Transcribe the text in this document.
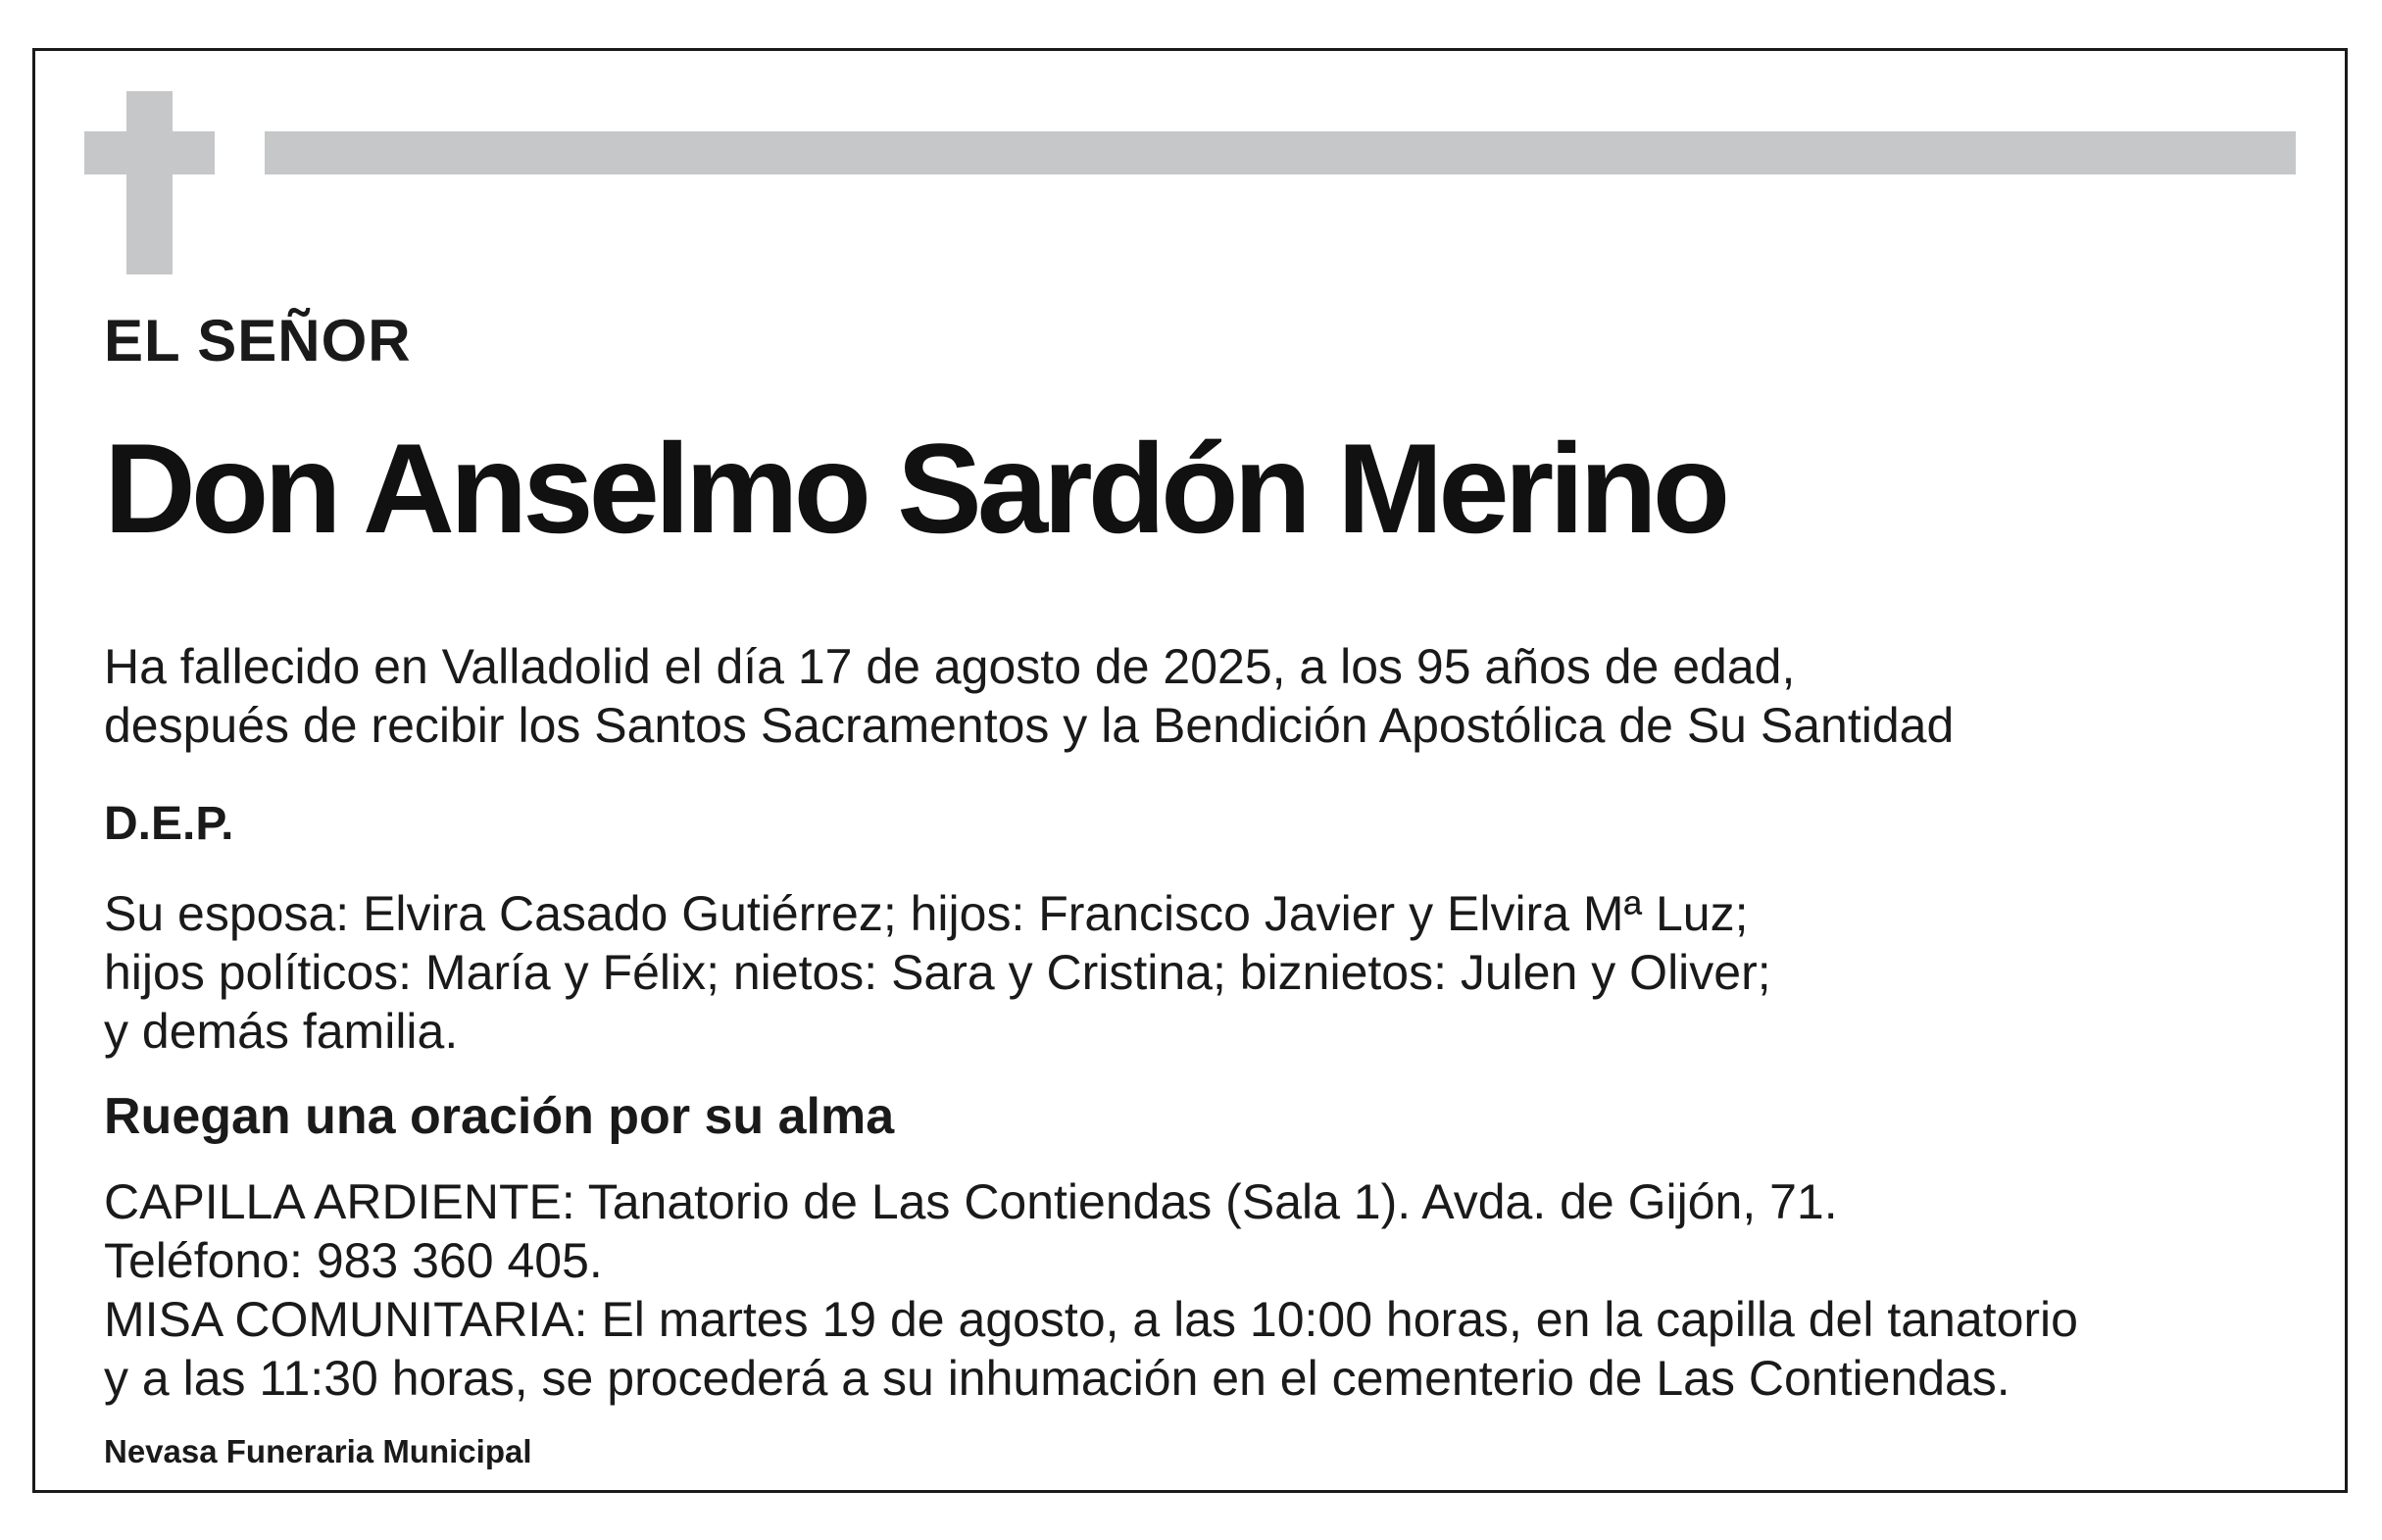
EL SEÑOR

Don Anselmo Sardón Merino

Ha fallecido en Valladolid el día 17 de agosto de 2025, a los 95 años de edad,
después de recibir los Santos Sacramentos y la Bendición Apostólica de Su Santidad

D.E.P.

Su esposa: Elvira Casado Gutiérrez; hijos: Francisco Javier y Elvira Mª Luz;
hijos políticos: María y Félix; nietos: Sara y Cristina; biznietos: Julen y Oliver;
y demás familia.

Ruegan una oración por su alma

CAPILLA ARDIENTE: Tanatorio de Las Contiendas (Sala 1). Avda. de Gijón, 71.
Teléfono: 983 360 405.
MISA COMUNITARIA: El martes 19 de agosto, a las 10:00 horas, en la capilla del tanatorio
y a las 11:30 horas, se procederá a su inhumación en el cementerio de Las Contiendas.

Nevasa Funeraria Municipal
